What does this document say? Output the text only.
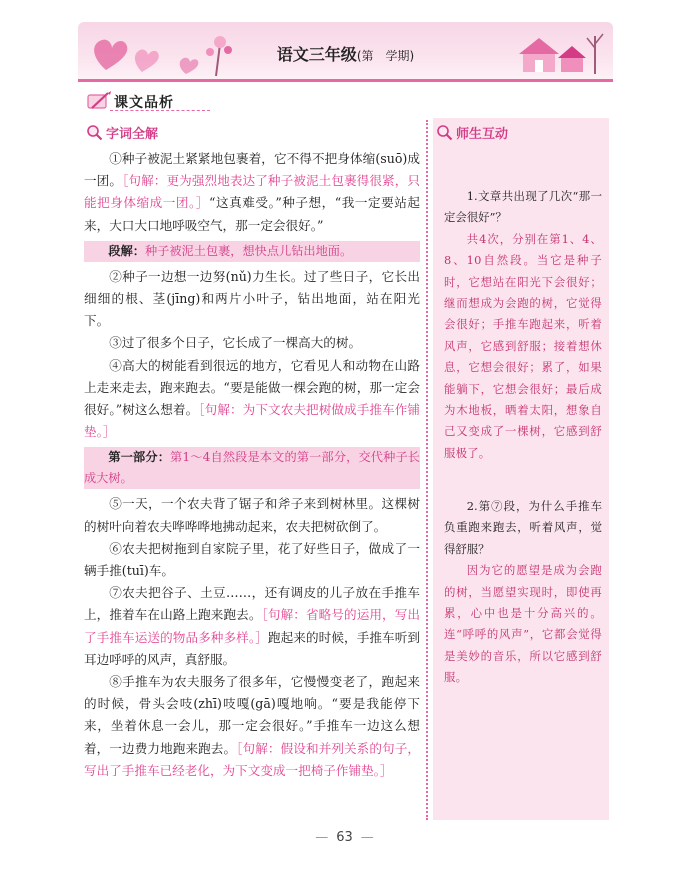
语文三年级(第　学期)
课文品析
字词全解

①种子被泥土紧紧地包裹着，它不得不把身体缩(suō)成一团。［句解：更为强烈地表达了种子被泥土包裹得很紧，只能把身体缩成一团。］“这真难受。”种子想，“我一定要站起来，大口大口地呼吸空气，那一定会很好。”

段解：种子被泥土包裹，想快点儿钻出地面。

②种子一边想一边努(nǔ)力生长。过了些日子，它长出细细的根、茎(jīng)和两片小叶子，钻出地面，站在阳光下。

③过了很多个日子，它长成了一棵高大的树。

④高大的树能看到很远的地方，它看见人和动物在山路上走来走去，跑来跑去。“要是能做一棵会跑的树，那一定会很好。”树这么想着。［句解：为下文农夫把树做成手推车作铺垫。］

第一部分：第1～4自然段是本文的第一部分，交代种子长成大树。

⑤一天，一个农夫背了锯子和斧子来到树林里。这棵树的树叶向着农夫哗哗哗地拂动起来，农夫把树砍倒了。

⑥农夫把树拖到自家院子里，花了好些日子，做成了一辆手推(tuī)车。

⑦农夫把谷子、土豆……，还有调皮的儿子放在手推车上，推着车在山路上跑来跑去。［句解：省略号的运用，写出了手推车运送的物品多种多样。］跑起来的时候，手推车听到耳边呼呼的风声，真舒服。

⑧手推车为农夫服务了很多年，它慢慢变老了，跑起来的时候，骨头会吱(zhī)吱嘎(gā)嘎地响。“要是我能停下来，坐着休息一会儿，那一定会很好。”手推车一边这么想着，一边费力地跑来跑去。［句解：假设和并列关系的句子，写出了手推车已经老化，为下文变成一把椅子作铺垫。］

师生互动

1.文章共出现了几次“那一定会很好”？

共4次，分别在第1、4、8、10自然段。当它是种子时，它想站在阳光下会很好；继而想成为会跑的树，它觉得会很好；手推车跑起来，听着风声，它感到舒服；接着想休息，它想会很好；累了，如果能躺下，它想会很好；最后成为木地板，晒着太阳，想象自己又变成了一棵树，它感到舒服极了。

2.第⑦段，为什么手推车负重跑来跑去，听着风声，觉得舒服？

因为它的愿望是成为会跑的树，当愿望实现时，即使再累，心中也是十分高兴的。连“呼呼的风声”，它都会觉得是美妙的音乐，所以它感到舒服。

— 63 —
